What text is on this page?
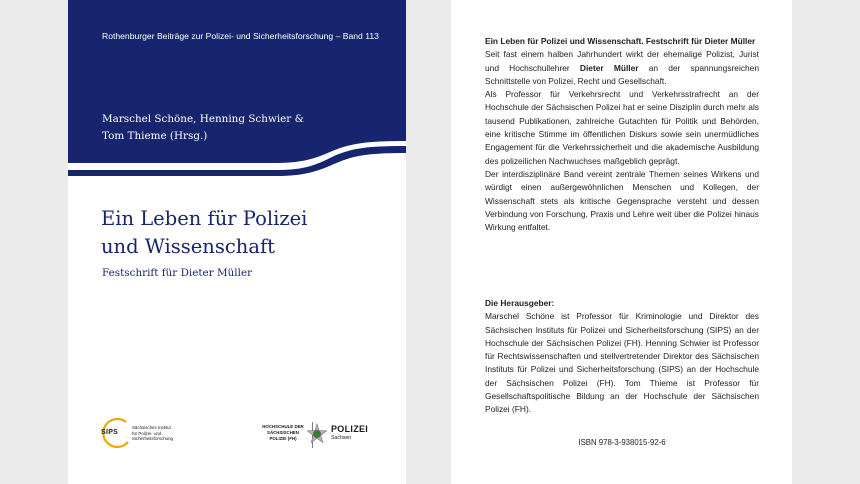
Rothenburger Beiträge zur Polizei- und Sicherheitsforschung – Band 113
Marschel Schöne, Henning Schwier &
Tom Thieme (Hrsg.)
Ein Leben für Polizei
und Wissenschaft
Festschrift für Dieter Müller
SIPS
Sächsisches Institut
für Polizei- und
Sicherheitsforschung
HOCHSCHULE DER
SÄCHSISCHEN
POLIZEI (FH)
POLIZEI
Sachsen
Ein Leben für Polizei und Wissenschaft. Festschrift für Dieter Müller
Seit fast einem halben Jahrhundert wirkt der ehemalige Polizist, Jurist und Hochschullehrer Dieter Müller an der spannungsreichen Schnittstelle von Polizei, Recht und Gesellschaft.
Als Professor für Verkehrsrecht und Verkehrsstrafrecht an der Hochschule der Sächsischen Polizei hat er seine Disziplin durch mehr als tausend Publikationen, zahlreiche Gutachten für Politik und Behörden, eine kritische Stimme im öffentlichen Diskurs sowie sein unermüdliches Engagement für die Verkehrssicherheit und die akademische Ausbildung des polizeilichen Nachwuchses maßgeblich geprägt.
Der interdisziplinäre Band vereint zentrale Themen seines Wirkens und würdigt einen außergewöhnlichen Menschen und Kollegen, der Wissenschaft stets als kritische Gegensprache versteht und dessen Verbindung von Forschung, Praxis und Lehre weit über die Polizei hinaus Wirkung entfaltet.
Die Herausgeber:
Marschel Schöne ist Professor für Kriminologie und Direktor des Sächsischen Instituts für Polizei und Sicherheitsforschung (SIPS) an der Hochschule der Sächsischen Polizei (FH). Henning Schwier ist Professor für Rechtswissenschaften und stellvertretender Direktor des Sächsischen Instituts für Polizei und Sicherheitsforschung (SIPS) an der Hochschule der Sächsischen Polizei (FH). Tom Thieme ist Professor für Gesellschaftspolitische Bildung an der Hochschule der Sächsischen Polizei (FH).
ISBN 978-3-938015-92-6
